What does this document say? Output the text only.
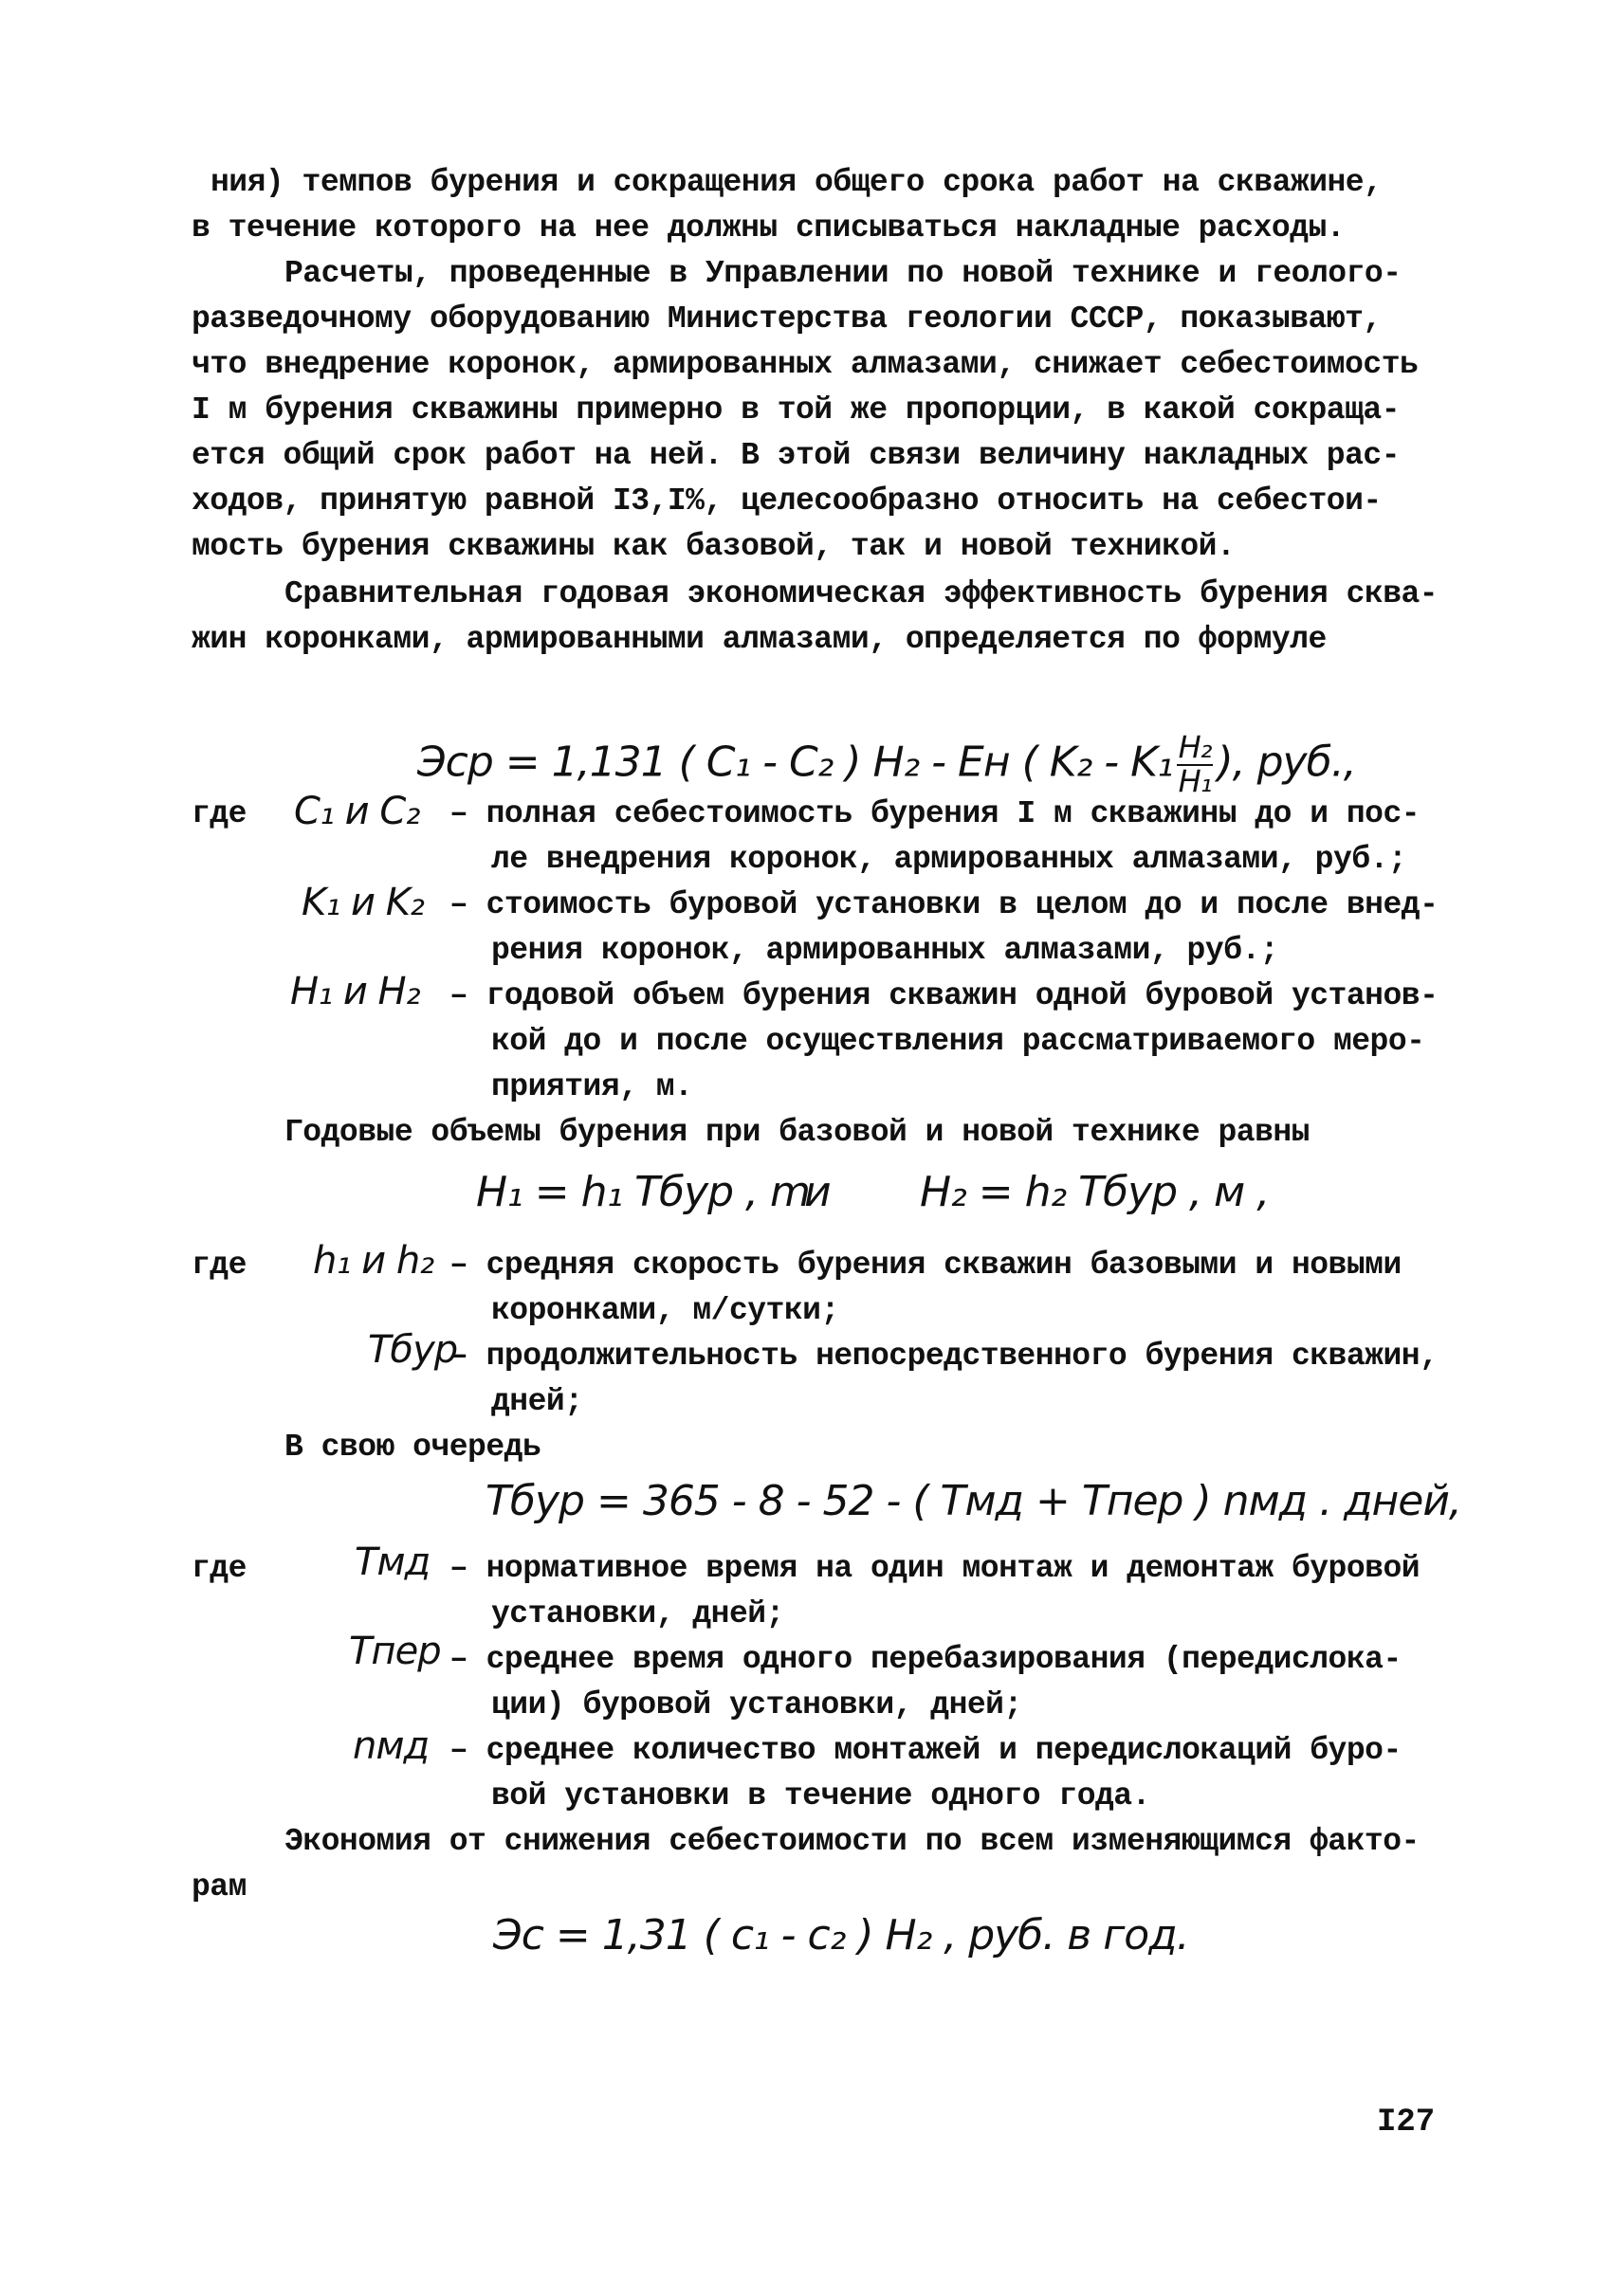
ния) темпов бурения и сокращения общего срока работ на скважине,
в течение которого на нее должны списываться накладные расходы.
Расчеты, проведенные в Управлении по новой технике и геолого-
разведочному оборудованию Министерства геологии СССР, показывают,
что внедрение коронок, армированных алмазами, снижает себестоимость
I м бурения скважины примерно в той же пропорции, в какой сокраща-
ется общий срок работ на ней. В этой связи величину накладных рас-
ходов, принятую равной I3,I%, целесообразно относить на себестои-
мость бурения скважины как базовой, так и новой техникой.
Сравнительная годовая экономическая эффективность бурения сква-
жин коронками, армированными алмазами, определяется по формуле

Эср = 1,131 ( C₁ - C₂ ) H₂ - Eн ( $K_2 - K_1 \frac{\text{H₂}}{\text{H₁}}$ ), руб.,

где C₁ и C₂ – полная себестоимость бурения I м скважины до и пос-
ле внедрения коронок, армированных алмазами, руб.;
K₁ и K₂ – стоимость буровой установки в целом до и после внед-
рения коронок, армированных алмазами, руб.;
H₁ и H₂ – годовой объем бурения скважин одной буровой установ-
кой до и после осуществления рассматриваемого меро-
приятия, м.
Годовые объемы бурения при базовой и новой технике равны
H₁ = h₁ Tбур , m
и H₂ = h₂ Tбур , м ,
где h₁ и h₂ – средняя скорость бурения скважин базовыми и новыми
коронками, м/сутки;
Tбур
– продолжительность непосредственного бурения скважин,
дней;
В свою очередь
Tбур = 365 - 8 - 52 - ( Tмд + Tпер ) nмд . дней,
где	Tмд – нормативное время на один монтаж и демонтаж буровой
установки, дней;
Tпер – среднее время одного перебазирования (передислока-
ции) буровой установки, дней;
nмд – среднее количество монтажей и передислокаций буро-
вой установки в течение одного года.
Экономия от снижения себестоимости по всем изменяющимся факто-
рам
Эс = 1,31 ( c₁ - c₂ ) H₂ , руб. в год.
I27
